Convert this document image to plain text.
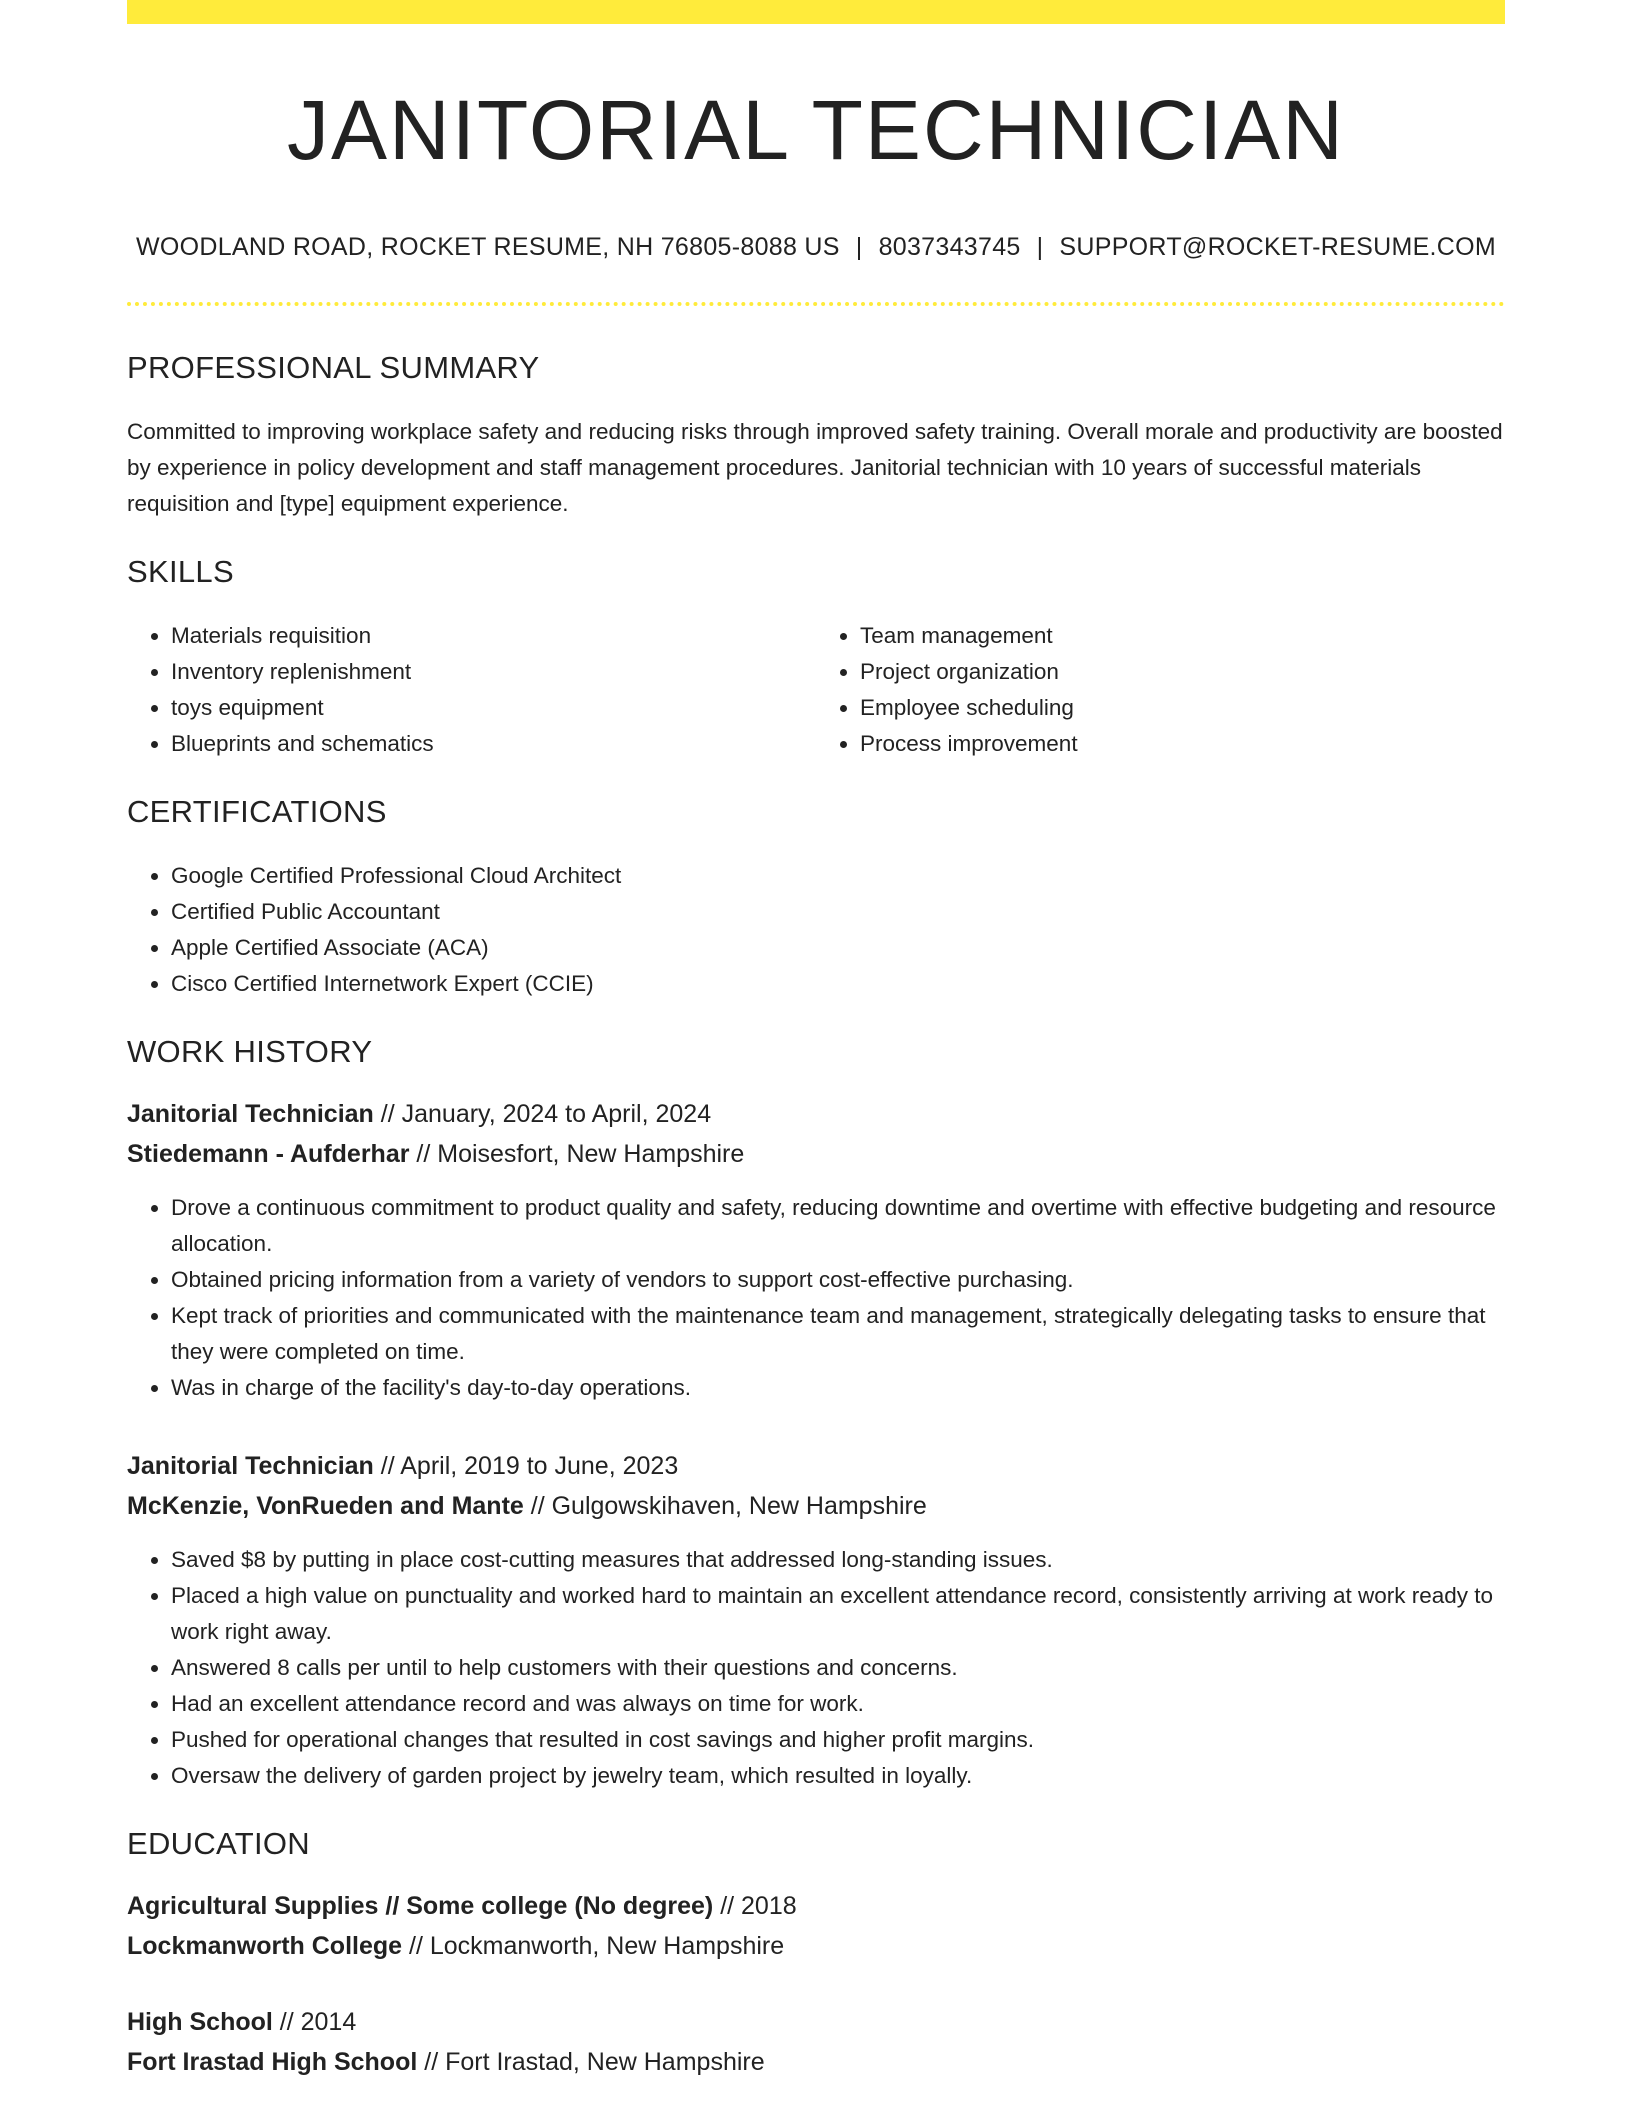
JANITORIAL TECHNICIAN
WOODLAND ROAD, ROCKET RESUME, NH 76805-8088 US | 8037343745 | SUPPORT@ROCKET-RESUME.COM
PROFESSIONAL SUMMARY

Committed to improving workplace safety and reducing risks through improved safety training. Overall morale and productivity are boosted by experience in policy development and staff management procedures. Janitorial technician with 10 years of successful materials requisition and [type] equipment experience.

SKILLS
• Materials requisition
• Inventory replenishment
• toys equipment
• Blueprints and schematics
• Team management
• Project organization
• Employee scheduling
• Process improvement
CERTIFICATIONS
• Google Certified Professional Cloud Architect
• Certified Public Accountant
• Apple Certified Associate (ACA)
• Cisco Certified Internetwork Expert (CCIE)
WORK HISTORY
Janitorial Technician // January, 2024 to April, 2024
Stiedemann - Aufderhar // Moisesfort, New Hampshire
• Drove a continuous commitment to product quality and safety, reducing downtime and overtime with effective budgeting and resource allocation.
• Obtained pricing information from a variety of vendors to support cost-effective purchasing.
• Kept track of priorities and communicated with the maintenance team and management, strategically delegating tasks to ensure that they were completed on time.
• Was in charge of the facility's day-to-day operations.
Janitorial Technician // April, 2019 to June, 2023
McKenzie, VonRueden and Mante // Gulgowskihaven, New Hampshire
• Saved $8 by putting in place cost-cutting measures that addressed long-standing issues.
• Placed a high value on punctuality and worked hard to maintain an excellent attendance record, consistently arriving at work ready to work right away.
• Answered 8 calls per until to help customers with their questions and concerns.
• Had an excellent attendance record and was always on time for work.
• Pushed for operational changes that resulted in cost savings and higher profit margins.
• Oversaw the delivery of garden project by jewelry team, which resulted in loyally.
EDUCATION
Agricultural Supplies // Some college (No degree) // 2018
Lockmanworth College // Lockmanworth, New Hampshire
High School // 2014
Fort Irastad High School // Fort Irastad, New Hampshire
